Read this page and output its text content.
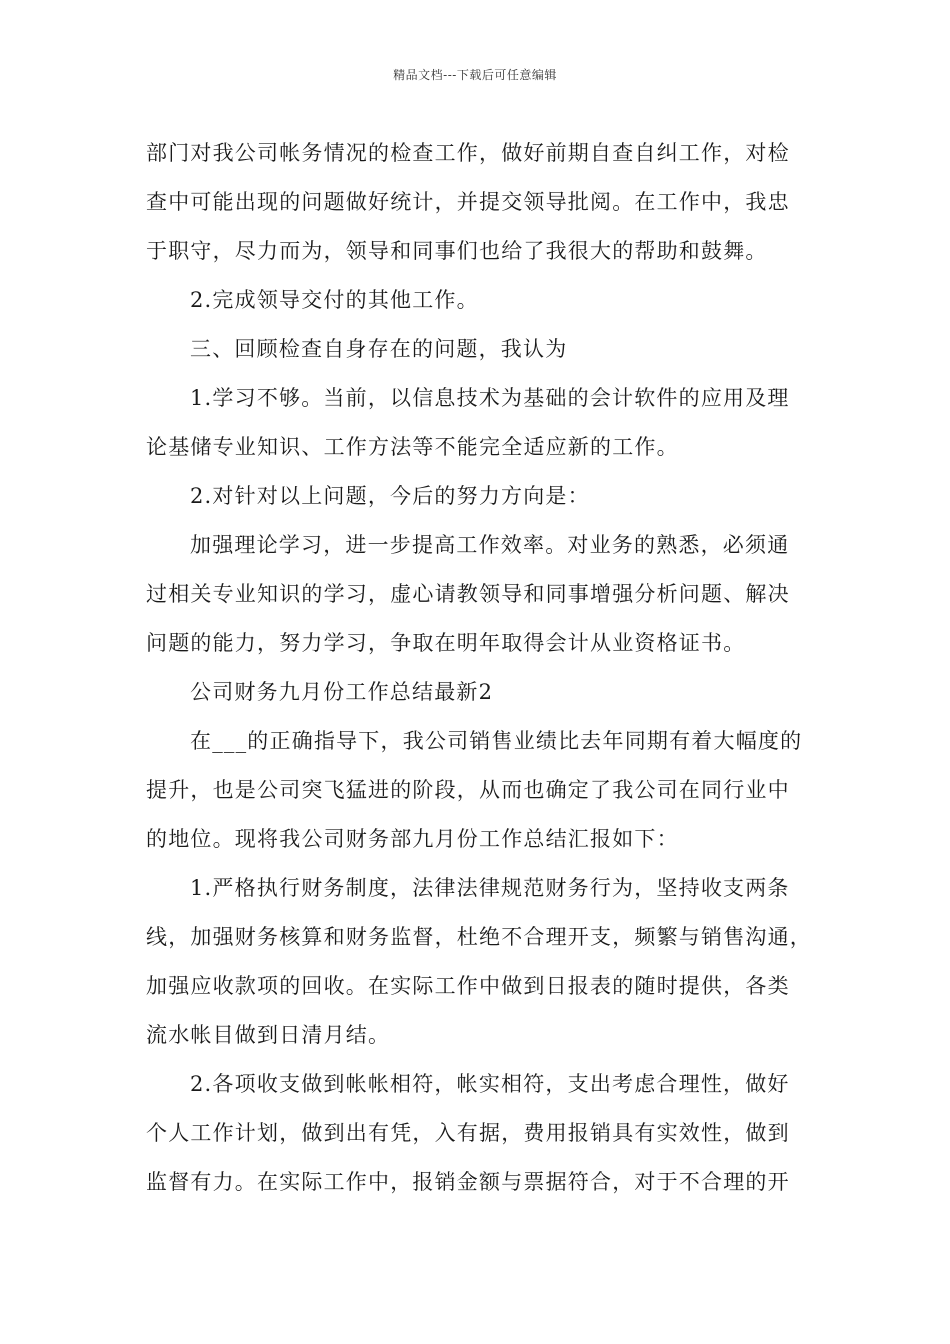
精品文档---下载后可任意编辑

部门对我公司帐务情况的检查工作，做好前期自查自纠工作，对检

查中可能出现的问题做好统计，并提交领导批阅。在工作中，我忠

于职守，尽力而为，领导和同事们也给了我很大的帮助和鼓舞。

2.完成领导交付的其他工作。

三、回顾检查自身存在的问题，我认为

1.学习不够。当前，以信息技术为基础的会计软件的应用及理

论基储专业知识、工作方法等不能完全适应新的工作。

2.对针对以上问题，今后的努力方向是：

加强理论学习，进一步提高工作效率。对业务的熟悉，必须通

过相关专业知识的学习，虚心请教领导和同事增强分析问题、解决

问题的能力，努力学习，争取在明年取得会计从业资格证书。

公司财务九月份工作总结最新2

在___的正确指导下，我公司销售业绩比去年同期有着大幅度的

提升，也是公司突飞猛进的阶段，从而也确定了我公司在同行业中

的地位。现将我公司财务部九月份工作总结汇报如下：

1.严格执行财务制度，法律法律规范财务行为，坚持收支两条

线，加强财务核算和财务监督，杜绝不合理开支，频繁与销售沟通，

加强应收款项的回收。在实际工作中做到日报表的随时提供，各类

流水帐目做到日清月结。

2.各项收支做到帐帐相符，帐实相符，支出考虑合理性，做好

个人工作计划，做到出有凭，入有据，费用报销具有实效性，做到

监督有力。在实际工作中，报销金额与票据符合，对于不合理的开
